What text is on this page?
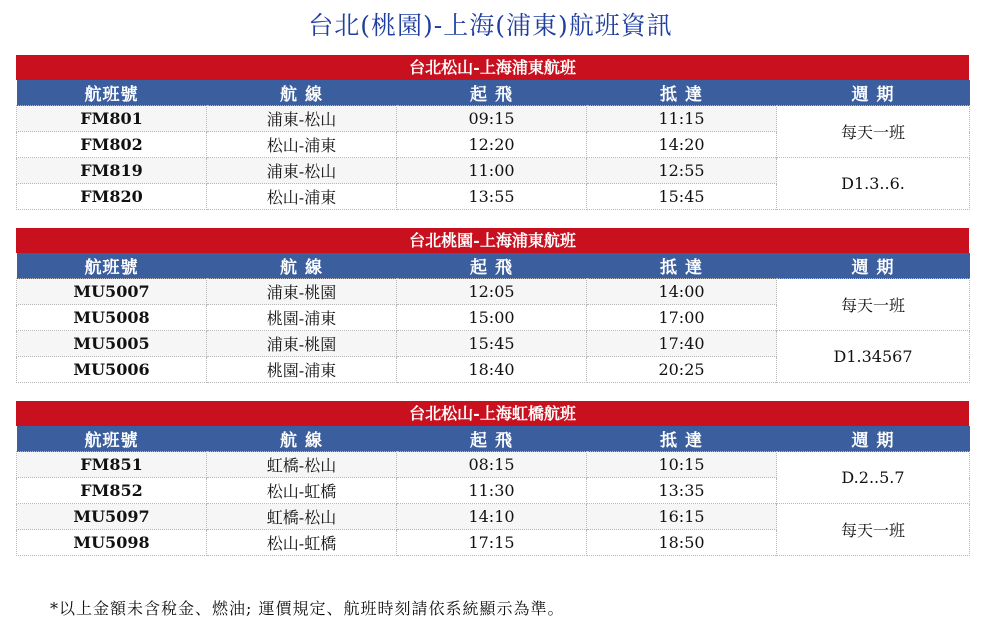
台北(桃園)-上海(浦東)航班資訊
台北松山-上海浦東航班
航班號	航 線	起 飛	抵 達	週 期
FM801	浦東-松山	09:15	11:15	每天一班
FM802	松山-浦東	12:20	14:20	
FM819	浦東-松山	11:00	12:55	D1.3..6.
FM820	松山-浦東	13:55	15:45	
台北桃園-上海浦東航班
航班號	航 線	起 飛	抵 達	週 期
MU5007	浦東-桃園	12:05	14:00	每天一班
MU5008	桃園-浦東	15:00	17:00	
MU5005	浦東-桃園	15:45	17:40	D1.34567
MU5006	桃園-浦東	18:40	20:25	
台北松山-上海虹橋航班
航班號	航 線	起 飛	抵 達	週 期
FM851	虹橋-松山	08:15	10:15	D.2..5.7
FM852	松山-虹橋	11:30	13:35	
MU5097	虹橋-松山	14:10	16:15	每天一班
MU5098	松山-虹橋	17:15	18:50	
*以上金額未含稅金、燃油; 運價規定、航班時刻請依系統顯示為準。
